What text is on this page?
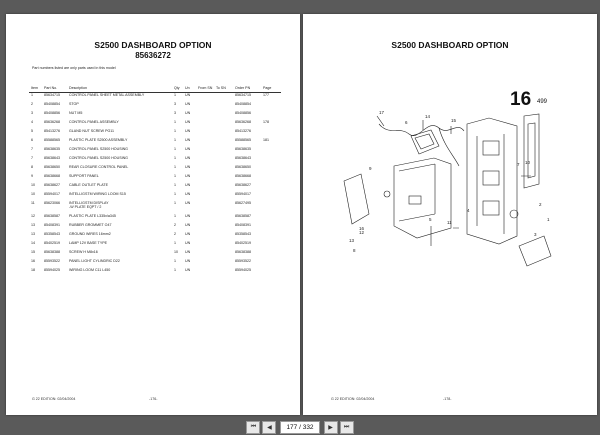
S2500 DASHBOARD OPTION
85636272
Part numbers listed are only parts used in this model
Item	Part No.	Description	Qty	Un	From SN	To SN	Order PN	Page
1	85634715	CONTROL PANEL SHEET METAL ASSEMBLY	1	UN			85634715	177
2	85408854	STOP	3	UN			85408854	
3	85408856	NUT M5	3	UN			85408856	
4	85636268	CONTROL PANEL ASSEMBLY	1	UN			85636268	178
5	85413276	GLAND NUT SCREW PG11	1	UN			85413276	
6	85588565	PLASTIC PLATE S2500 ASSEMBLY	1	UN			85588565	181
7	85638635	CONTROL PANEL S2500 HOUSING	1	UN			85638635	
7	85638643	CONTROL PANEL S2500 HOUSING	1	UN			85638643	
8	85638650	REAR CLOSURE CONTROL PANEL	1	UN			85638650	
9	85638668	SUPPORT PANEL	1	UN			85638668	
10	85638627	CABLE OUTLET PLATE	1	UN			85638627	
10	85594017	INTELLIGSTM WIRING LOOM S15	1	UN			85594017	
11	85623066	INTELLIGSTM DISPLAY
-W PLATE EQPT / 2	1	UN			85627495	
12	85638587	PLASTIC PLATE L335x/a345	1	UN			85638587	
13	85408391	RUBBER GROMMET O47	2	UN			85408391	
13	85358543	GROUND WIRES 16mm2	2	UN			85358543	
14	85402519	LAMP 12V BASE TYPE	1	UN			85402519	
15	85638388	SCREW H M8x16	10	UN			85638388	
16	85593522	PANEL LIGHT CYLINDRIC D22	1	UN			85593522	
18	85594025	WIRING LOOM C11 L450	1	UN			85594025	
G 22 EDITION: 02/04/2004	-176-
S2500 DASHBOARD OPTION
16 499
1
2
3
4
5
6
7
8
9
10
11
12
13
14
15
16
17
G 22 EDITION: 02/04/2004	-178-
⏮ ◀	177 / 332	▶ ⏭
